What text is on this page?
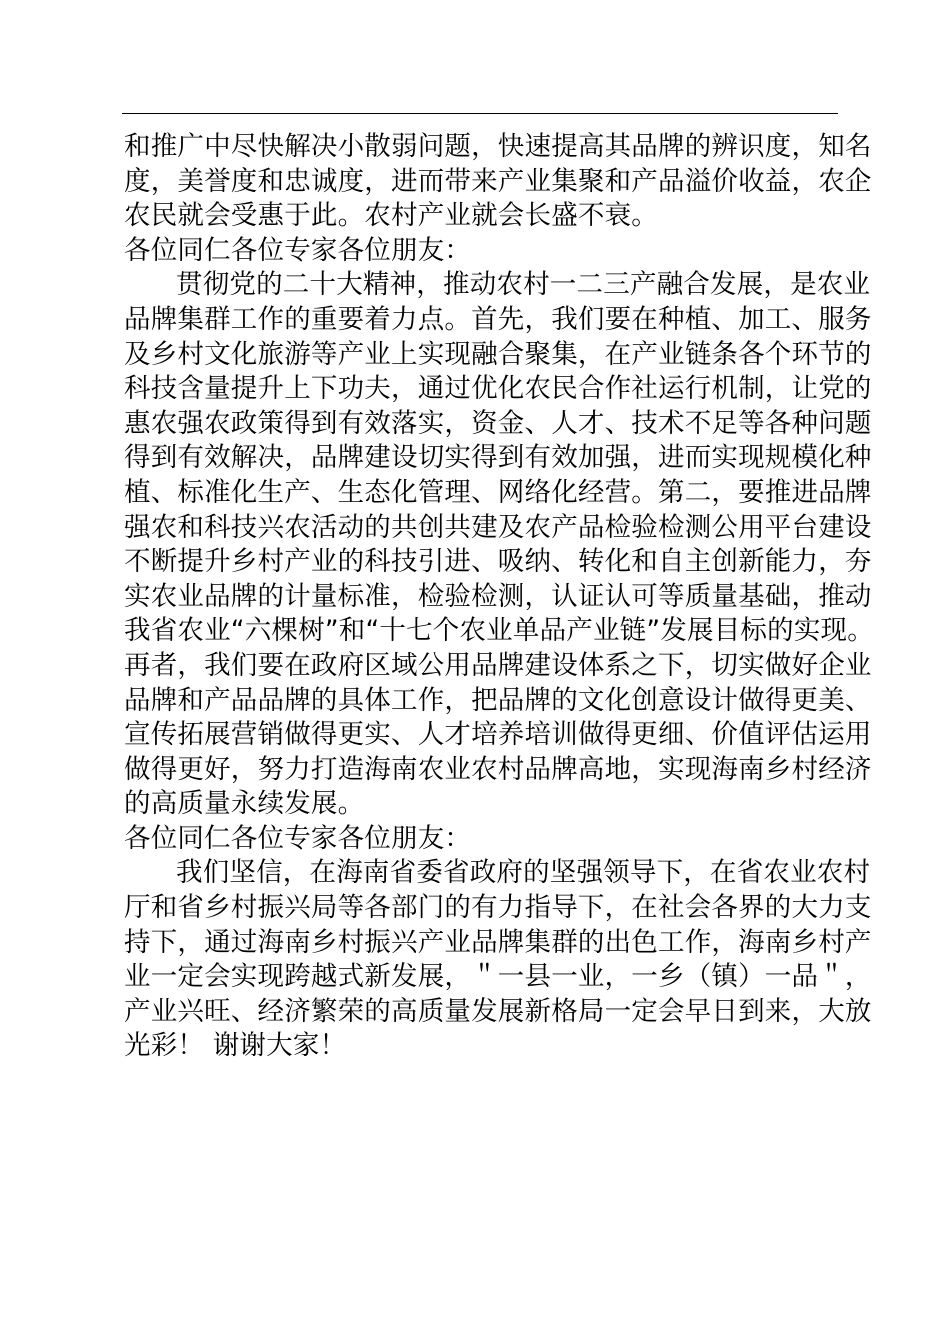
和推广中尽快解决小散弱问题，快速提高其品牌的辨识度，知名
度，美誉度和忠诚度，进而带来产业集聚和产品溢价收益，农企
农民就会受惠于此。农村产业就会长盛不衰。
各位同仁各位专家各位朋友：
贯彻党的二十大精神，推动农村一二三产融合发展，是农业
品牌集群工作的重要着力点。首先，我们要在种植、加工、服务
及乡村文化旅游等产业上实现融合聚集，在产业链条各个环节的
科技含量提升上下功夫，通过优化农民合作社运行机制，让党的
惠农强农政策得到有效落实，资金、人才、技术不足等各种问题
得到有效解决，品牌建设切实得到有效加强，进而实现规模化种
植、标准化生产、生态化管理、网络化经营。第二，要推进品牌
强农和科技兴农活动的共创共建及农产品检验检测公用平台建设
不断提升乡村产业的科技引进、吸纳、转化和自主创新能力，夯
实农业品牌的计量标准，检验检测，认证认可等质量基础，推动
我省农业“六棵树”和“十七个农业单品产业链”发展目标的实现。
再者，我们要在政府区域公用品牌建设体系之下，切实做好企业
品牌和产品品牌的具体工作，把品牌的文化创意设计做得更美、
宣传拓展营销做得更实、人才培养培训做得更细、价值评估运用
做得更好，努力打造海南农业农村品牌高地，实现海南乡村经济
的高质量永续发展。
各位同仁各位专家各位朋友：
我们坚信，在海南省委省政府的坚强领导下，在省农业农村
厅和省乡村振兴局等各部门的有力指导下，在社会各界的大力支
持下，通过海南乡村振兴产业品牌集群的出色工作，海南乡村产
业一定会实现跨越式新发展，＂一县一业，一乡（镇）一品＂，
产业兴旺、经济繁荣的高质量发展新格局一定会早日到来，大放
光彩！ 谢谢大家！
